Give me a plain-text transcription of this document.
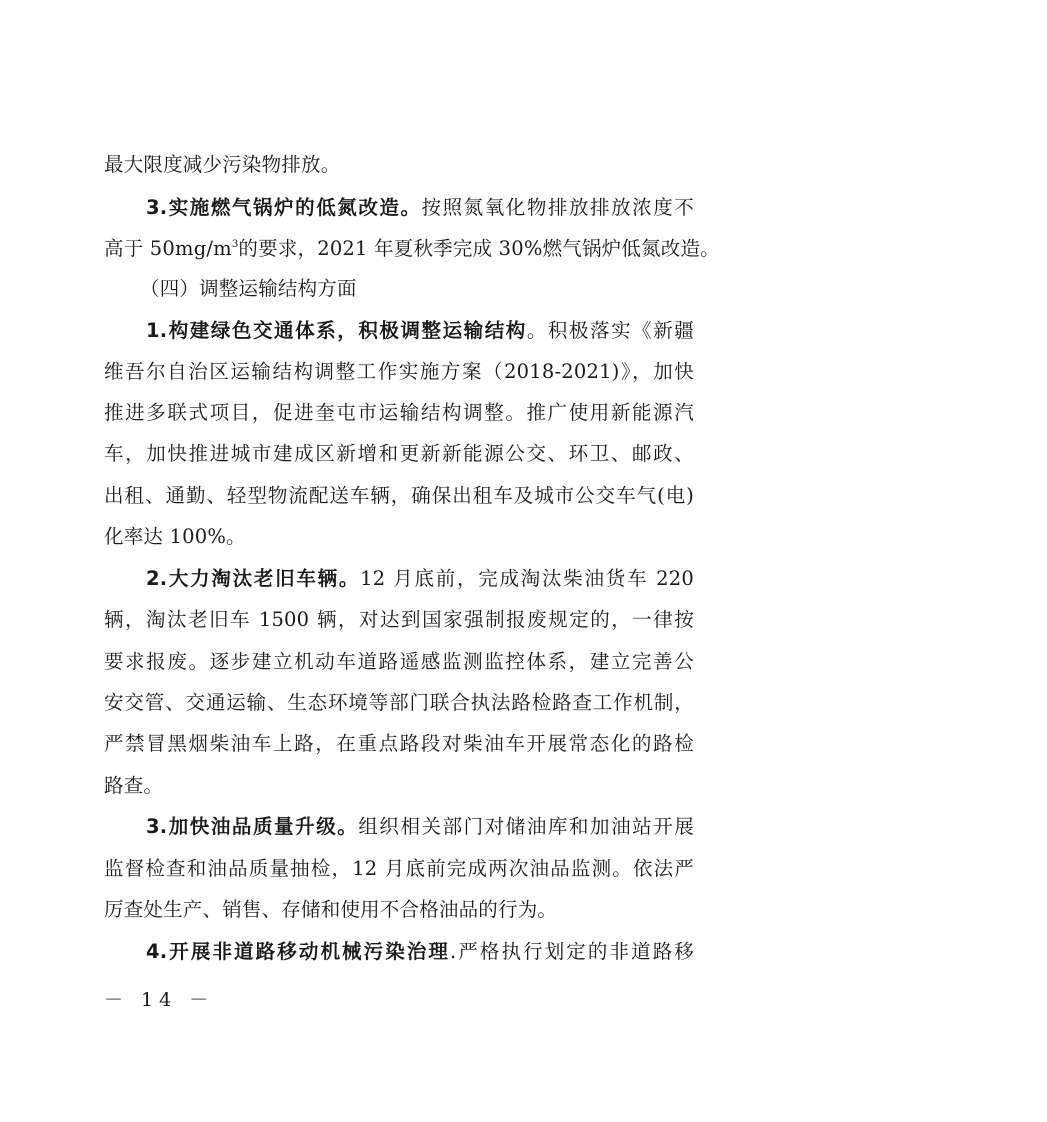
最大限度减少污染物排放。
3.实施燃气锅炉的低氮改造。按照氮氧化物排放排放浓度不
高于 $50mg/m^3$的要求，2021 年夏秋季完成 30%燃气锅炉低氮改造。
（四）调整运输结构方面
1.构建绿色交通体系，积极调整运输结构。积极落实《新疆
维吾尔自治区运输结构调整工作实施方案（2018-2021)》，加快
推进多联式项目，促进奎屯市运输结构调整。推广使用新能源汽
车，加快推进城市建成区新增和更新新能源公交、环卫、邮政、
出租、通勤、轻型物流配送车辆，确保出租车及城市公交车气(电)
化率达 100%。
2.大力淘汰老旧车辆。12 月底前，完成淘汰柴油货车 220
辆，淘汰老旧车 1500 辆，对达到国家强制报废规定的，一律按
要求报废。逐步建立机动车道路遥感监测监控体系，建立完善公
安交管、交通运输、生态环境等部门联合执法路检路查工作机制，
严禁冒黑烟柴油车上路，在重点路段对柴油车开展常态化的路检
路查。
3.加快油品质量升级。组织相关部门对储油库和加油站开展
监督检查和油品质量抽检，12 月底前完成两次油品监测。依法严
厉查处生产、销售、存储和使用不合格油品的行为。
4.开展非道路移动机械污染治理.严格执行划定的非道路移
－ 14 －
